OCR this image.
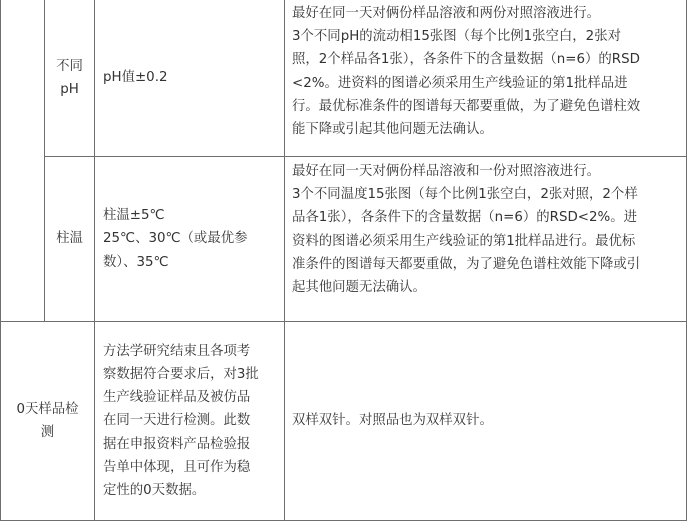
不同
pH
pH值±0.2
最好在同一天对俩份样品溶液和两份对照溶液进行。
3个不同pH的流动相15张图（每个比例1张空白，2张对
照，2个样品各1张），各条件下的含量数据（n=6）的RSD
<2%。进资料的图谱必须采用生产线验证的第1批样品进
行。最优标准条件的图谱每天都要重做，为了避免色谱柱效
能下降或引起其他问题无法确认。
柱温
柱温±5℃
25℃、30℃（或最优参
数）、35℃
最好在同一天对俩份样品溶液和一份对照溶液进行。
3个不同温度15张图（每个比例1张空白，2张对照，2个样
品各1张），各条件下的含量数据（n=6）的RSD<2%。进
资料的图谱必须采用生产线验证的第1批样品进行。最优标
准条件的图谱每天都要重做，为了避免色谱柱效能下降或引
起其他问题无法确认。
0天样品检
测
方法学研究结束且各项考
察数据符合要求后，对3批
生产线验证样品及被仿品
在同一天进行检测。此数
据在申报资料产品检验报
告单中体现，且可作为稳
定性的0天数据。
双样双针。对照品也为双样双针。
